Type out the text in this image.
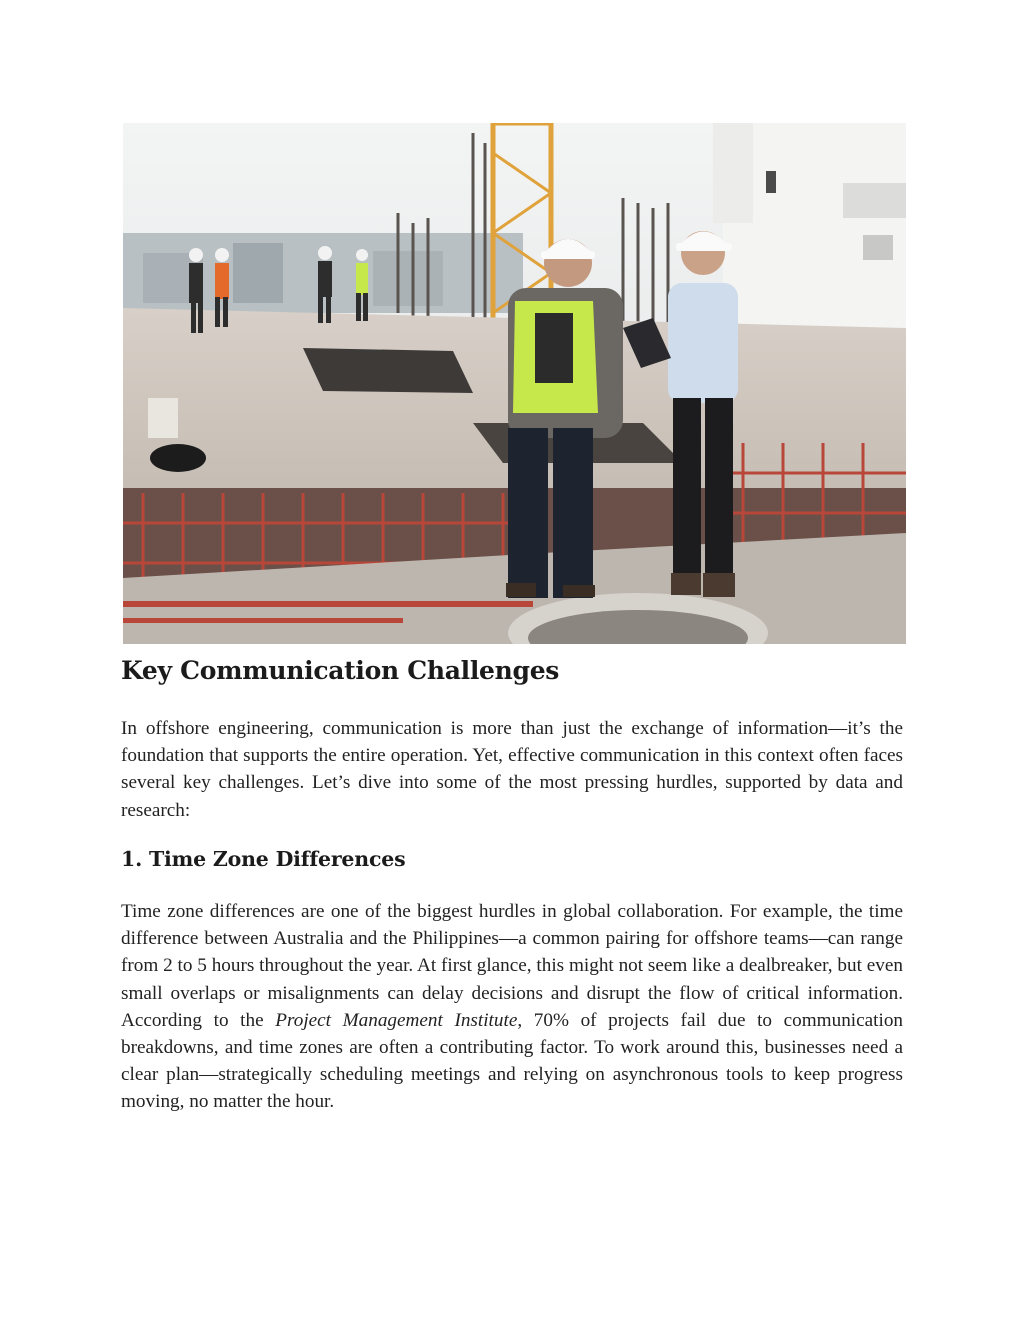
Key Communication Challenges

In offshore engineering, communication is more than just the exchange of information—it’s the foundation that supports the entire operation. Yet, effective communication in this context often faces several key challenges. Let’s dive into some of the most pressing hurdles, supported by data and research:

1. Time Zone Differences

Time zone differences are one of the biggest hurdles in global collaboration. For example, the time difference between Australia and the Philippines—a common pairing for offshore teams—can range from 2 to 5 hours throughout the year. At first glance, this might not seem like a dealbreaker, but even small overlaps or misalignments can delay decisions and disrupt the flow of critical information. According to the Project Management Institute, 70% of projects fail due to communication breakdowns, and time zones are often a contributing factor. To work around this, businesses need a clear plan—strategically scheduling meetings and relying on asynchronous tools to keep progress moving, no matter the hour.
